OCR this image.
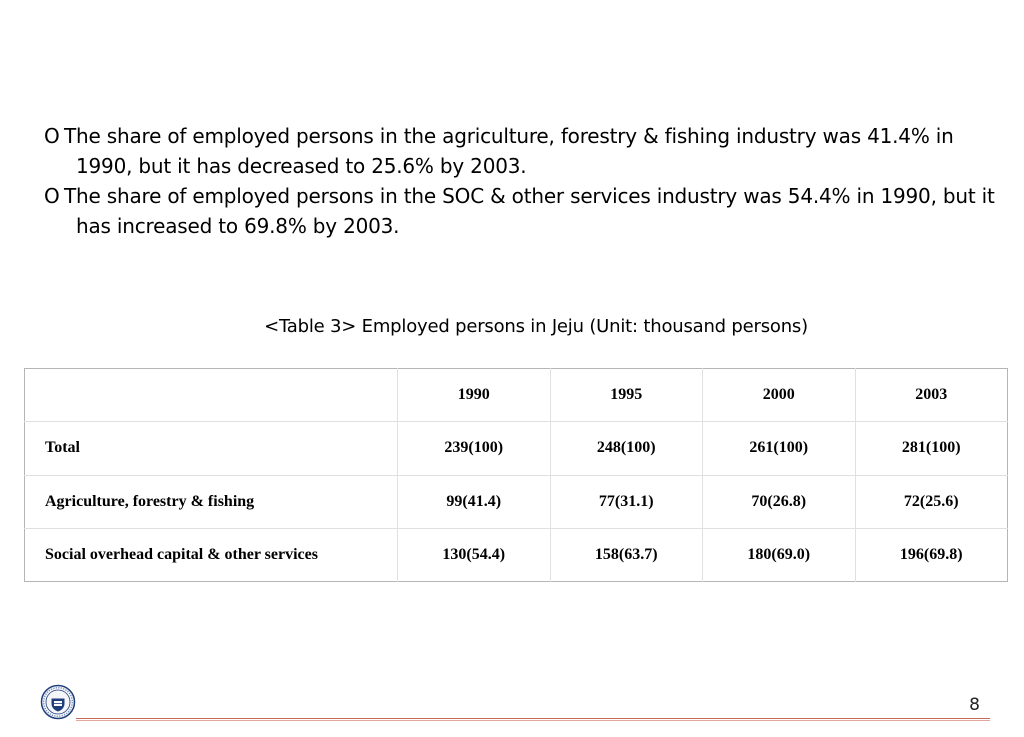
O The share of employed persons in the agriculture, forestry & fishing industry was 41.4% in 1990, but it has decreased to 25.6% by 2003.
O The share of employed persons in the SOC & other services industry was 54.4% in 1990, but it has increased to 69.8% by 2003.
<Table 3> Employed persons in Jeju (Unit: thousand persons)
	1990	1995	2000	2003
Total	239(100)	248(100)	261(100)	281(100)
Agriculture, forestry & fishing	99(41.4)	77(31.1)	70(26.8)	72(25.6)
Social overhead capital & other services	130(54.4)	158(63.7)	180(69.0)	196(69.8)
8
